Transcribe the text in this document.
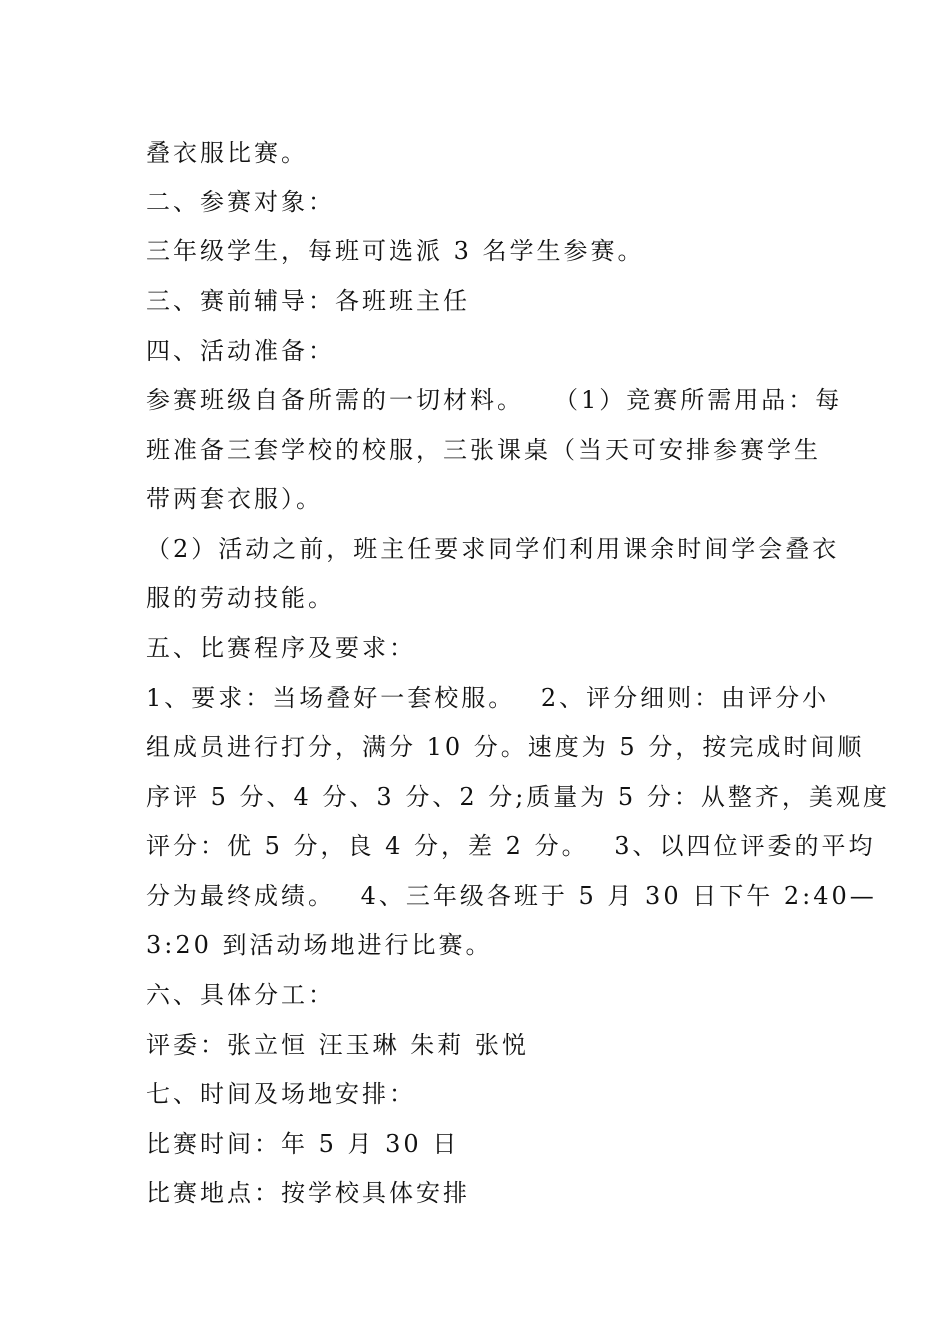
叠衣服比赛。
二、参赛对象：
三年级学生，每班可选派 3 名学生参赛。
三、赛前辅导：各班班主任
四、活动准备：
参赛班级自备所需的一切材料。　　（1）竞赛所需用品：每
班准备三套学校的校服，三张课桌（当天可安排参赛学生
带两套衣服）。
（2）活动之前，班主任要求同学们利用课余时间学会叠衣
服的劳动技能。
五、比赛程序及要求：
1、要求：当场叠好一套校服。　 2、评分细则：由评分小
组成员进行打分，满分 10 分。速度为 5 分，按完成时间顺
序评 5 分、4 分、3 分、2 分;质量为 5 分：从整齐，美观度
评分：优 5 分，良 4 分，差 2 分。　 3、以四位评委的平均
分为最终成绩。　 4、三年级各班于 5 月 30 日下午 2:40—
3:20 到活动场地进行比赛。
六、具体分工：
评委：张立恒 汪玉琳 朱莉 张悦
七、时间及场地安排：
比赛时间：年 5 月 30 日
比赛地点：按学校具体安排
